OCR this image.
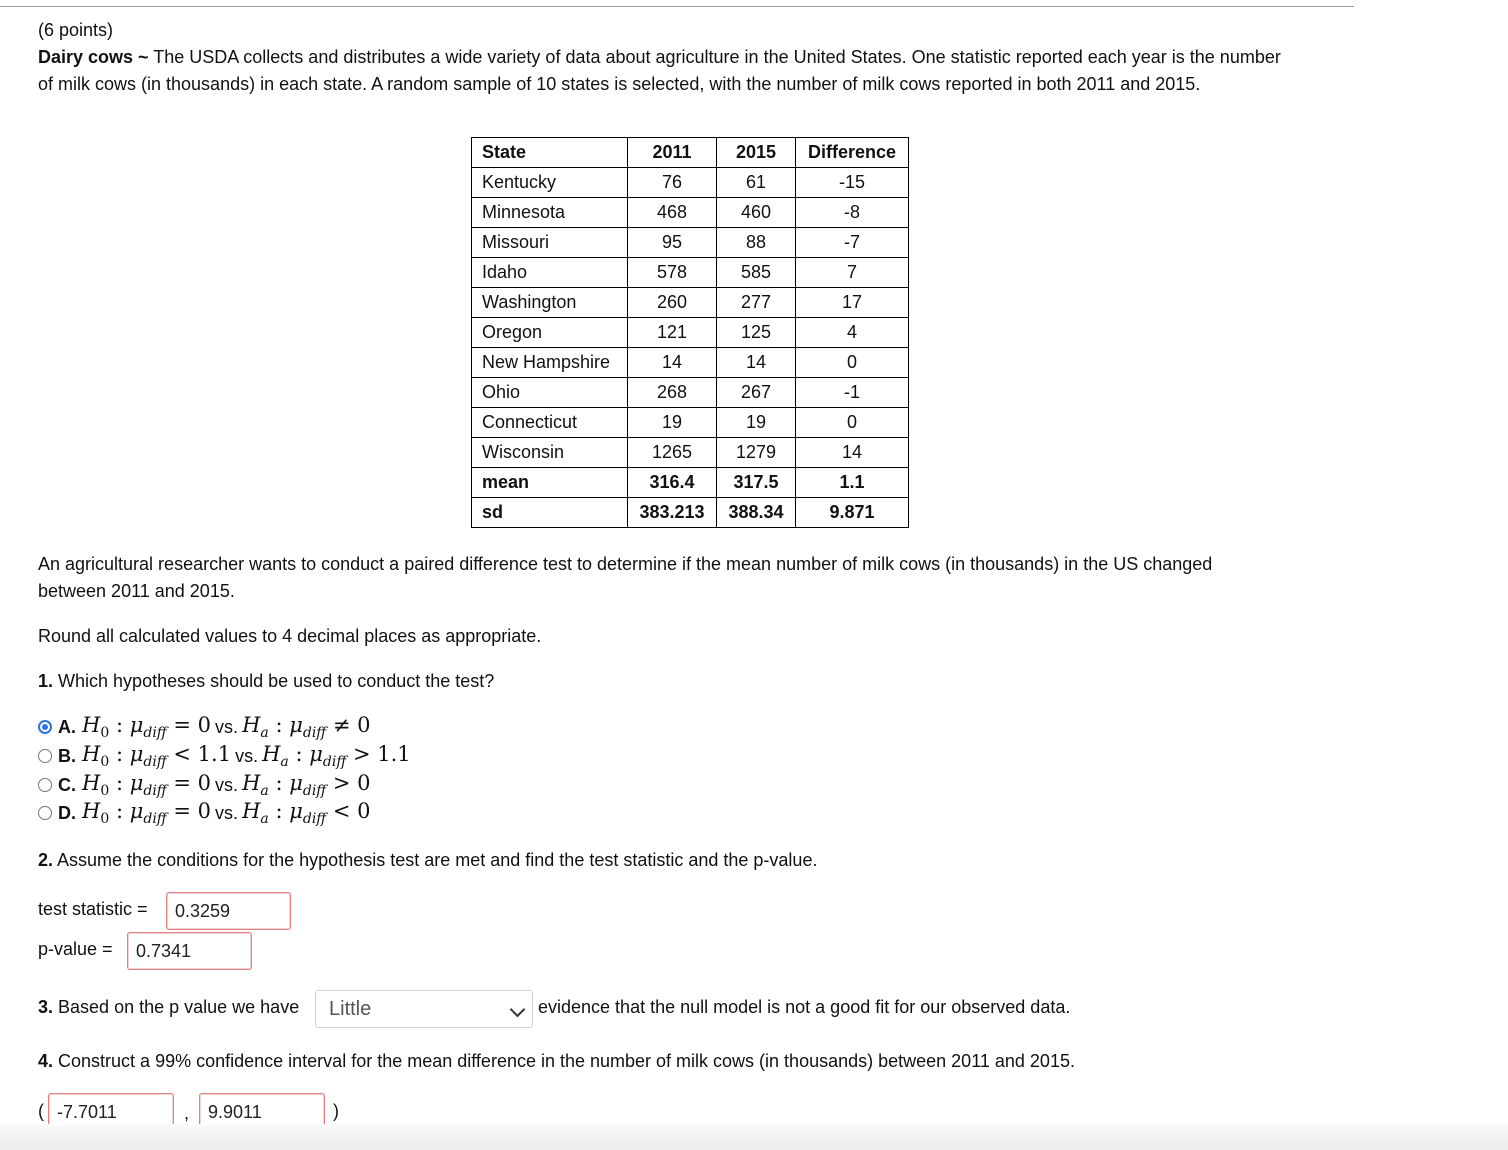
(6 points)
Dairy cows ~ The USDA collects and distributes a wide variety of data about agriculture in the United States. One statistic reported each year is the number
of milk cows (in thousands) in each state. A random sample of 10 states is selected, with the number of milk cows reported in both 2011 and 2015.
State	2011	2015	Difference
Kentucky	76	61	-15
Minnesota	468	460	-8
Missouri	95	88	-7
Idaho	578	585	7
Washington	260	277	17
Oregon	121	125	4
New Hampshire	14	14	0
Ohio	268	267	-1
Connecticut	19	19	0
Wisconsin	1265	1279	14
mean	316.4	317.5	1.1
sd	383.213	388.34	9.871
An agricultural researcher wants to conduct a paired difference test to determine if the mean number of milk cows (in thousands) in the US changed
between 2011 and 2015.
Round all calculated values to 4 decimal places as appropriate.
1. Which hypotheses should be used to conduct the test?
A. $H_0$ : $\mu_{diff} = 0$ vs. $H_a$ : $\mu_{diff} \ne 0$
B. $H_0$ : $\mu_{diff} < 1.1$ vs. $H_a$ : $\mu_{diff} > 1.1$
C. $H_0$ : $\mu_{diff} = 0$ vs. $H_a$ : $\mu_{diff} > 0$
D. $H_0$ : $\mu_{diff} = 0$ vs. $H_a$ : $\mu_{diff} < 0$
2. Assume the conditions for the hypothesis test are met and find the test statistic and the p-value.
test statistic =	0.3259
p-value =	0.7341
3. Based on the p value we have	Little	evidence that the null model is not a good fit for our observed data.
4. Construct a 99% confidence interval for the mean difference in the number of milk cows (in thousands) between 2011 and 2015.
( -7.7011	,	9.9011	)
